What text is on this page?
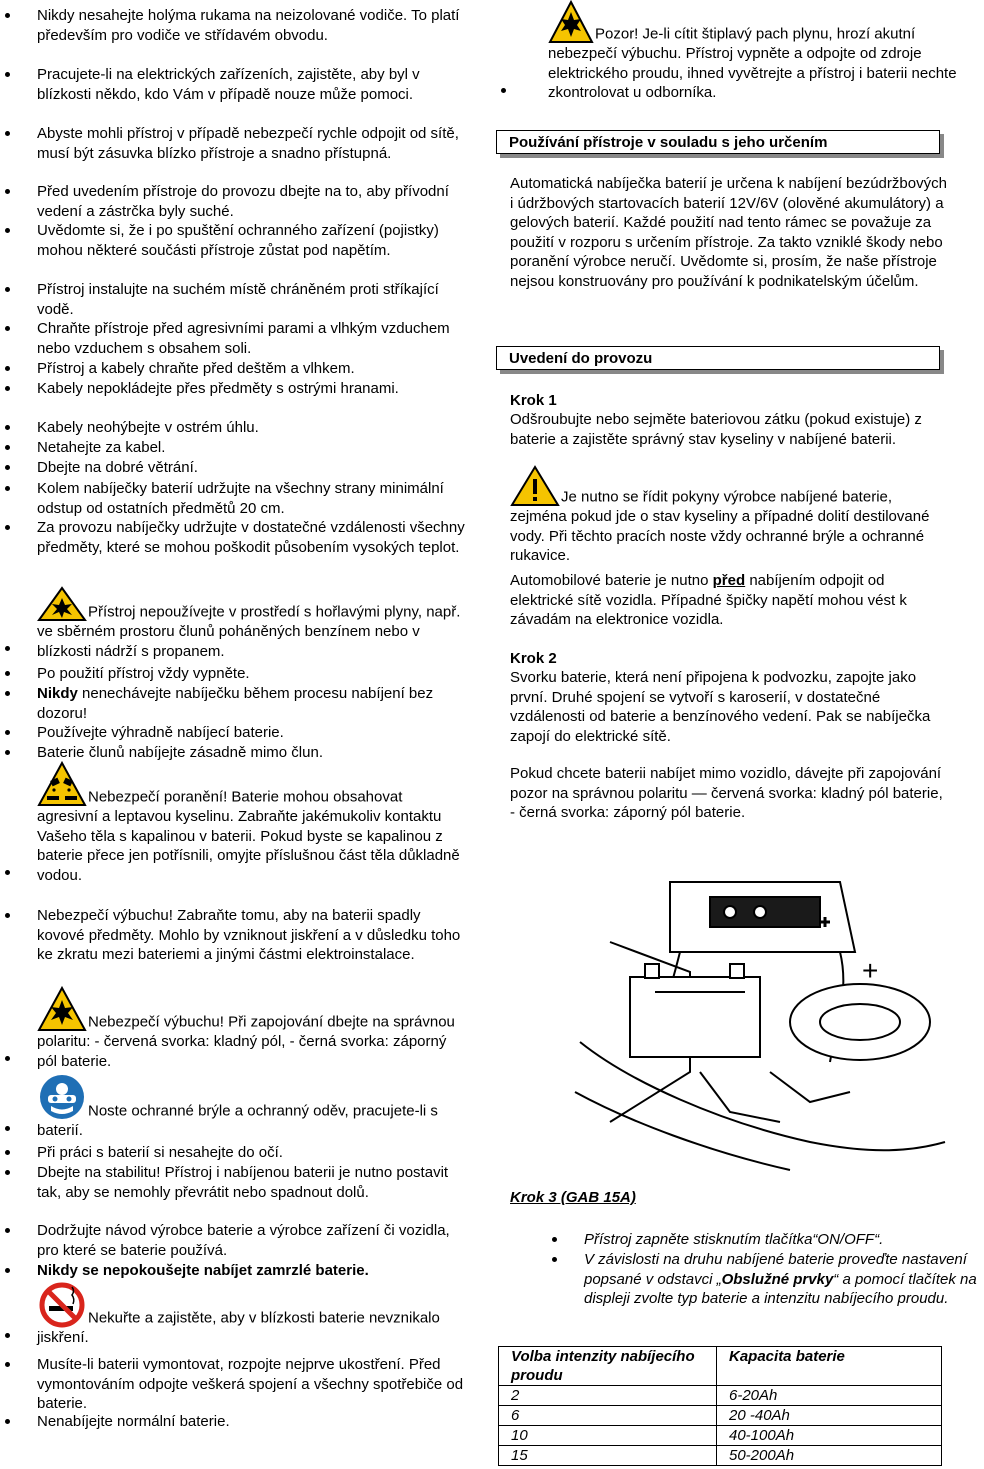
Nikdy nesahejte holýma rukama na neizolované vodiče. To platí především pro vodiče ve střídavém obvodu.
Pracujete-li na elektrických zařízeních, zajistěte, aby byl v blízkosti někdo, kdo Vám v případě nouze může pomoci.
Abyste mohli přístroj v případě nebezpečí rychle odpojit od sítě, musí být zásuvka blízko přístroje a snadno přístupná.
Před uvedením přístroje do provozu dbejte na to, aby přívodní vedení a zástrčka byly suché.
Uvědomte si, že i po spuštění ochranného zařízení (pojistky) mohou některé součásti přístroje zůstat pod napětím.
Přístroj instalujte na suchém místě chráněném proti stříkající vodě.
Chraňte přístroje před agresivními parami a vlhkým vzduchem nebo vzduchem s obsahem soli.
Přístroj a kabely chraňte před deštěm a vlhkem.
Kabely nepokládejte přes předměty s ostrými hranami.
Kabely neohýbejte v ostrém úhlu.
Netahejte za kabel.
Dbejte na dobré větrání.
Kolem nabíječky baterií udržujte na všechny strany minimální odstup od ostatních předmětů 20 cm.
Za provozu nabíječky udržujte v dostatečné vzdálenosti všechny předměty, které se mohou poškodit působením vysokých teplot.
Přístroj nepoužívejte v prostředí s hořlavými plyny, např. ve sběrném prostoru člunů poháněných benzínem nebo v blízkosti nádrží s propanem.
Po použití přístroj vždy vypněte.
Nikdy nenechávejte nabíječku během procesu nabíjení bez dozoru!
Používejte výhradně nabíjecí baterie.
Baterie člunů nabíjejte zásadně mimo člun.
Nebezpečí poranění! Baterie mohou obsahovat agresivní a leptavou kyselinu. Zabraňte jakémukoliv kontaktu Vašeho těla s kapalinou v baterii. Pokud byste se kapalinou z baterie přece jen potřísnili, omyjte příslušnou část těla důkladně vodou.
Nebezpečí výbuchu! Zabraňte tomu, aby na baterii spadly kovové předměty. Mohlo by vzniknout jiskření a v důsledku toho ke zkratu mezi bateriemi a jinými částmi elektroinstalace.
Nebezpečí výbuchu! Při zapojování dbejte na správnou polaritu: - červená svorka: kladný pól, - černá svorka: záporný pól baterie.
Noste ochranné brýle a ochranný oděv, pracujete-li s baterií.
Při práci s baterií si nesahejte do očí.
Dbejte na stabilitu! Přístroj i nabíjenou baterii je nutno postavit tak, aby se nemohly převrátit nebo spadnout dolů.
Dodržujte návod výrobce baterie a výrobce zařízení či vozidla, pro které se baterie používá.
Nikdy se nepokoušejte nabíjet zamrzlé baterie.
Nekuřte a zajistěte, aby v blízkosti baterie nevznikalo jiskření.
Musíte-li baterii vymontovat, rozpojte nejprve ukostření. Před vymontováním odpojte veškerá spojení a všechny spotřebiče od baterie.
Nenabíjejte normální baterie.
Pozor! Je-li cítit štiplavý pach plynu, hrozí akutní nebezpečí výbuchu. Přístroj vypněte a odpojte od zdroje elektrického proudu, ihned vyvětrejte a přístroj i baterii nechte zkontrolovat u odborníka.
Používání přístroje v souladu s jeho určením
Automatická nabíječka baterií je určena k nabíjení bezúdržbových i údržbových startovacích baterií 12V/6V (olověné akumulátory) a gelových baterií. Každé použití nad tento rámec se považuje za použití v rozporu s určením přístroje. Za takto vzniklé škody nebo poranění výrobce neručí. Uvědomte si, prosím, že naše přístroje nejsou konstruovány pro používání k podnikatelským účelům.
Uvedení do provozu
Krok 1
Odšroubujte nebo sejměte bateriovou zátku (pokud existuje) z baterie a zajistěte správný stav kyseliny v nabíjené baterii.
Je nutno se řídit pokyny výrobce nabíjené baterie, zejména pokud jde o stav kyseliny a případné dolití destilované vody. Při těchto pracích noste vždy ochranné brýle a ochranné rukavice.
Automobilové baterie je nutno před nabíjením odpojit od elektrické sítě vozidla. Případné špičky napětí mohou vést k závadám na elektronice vozidla.
Krok 2
Svorku baterie, která není připojena k podvozku, zapojte jako první. Druhé spojení se vytvoří s karoserií, v dostatečné vzdálenosti od baterie a benzínového vedení. Pak se nabíječka zapojí do elektrické sítě.
Pokud chcete baterii nabíjet mimo vozidlo, dávejte při zapojování pozor na správnou polaritu — červená svorka: kladný pól baterie, - černá svorka: záporný pól baterie.
+
Krok 3 (GAB 15A)
Přístroj zapněte stisknutím tlačítka“ON/OFF“.
V závislosti na druhu nabíjené baterie proveďte nastavení popsané v odstavci „Obslužné prvky“ a pomocí tlačítek na displeji zvolte typ baterie a intenzitu nabíjecího proudu.
Volba intenzity nabíjecího proudu	Kapacita baterie
2	6-20Ah
6	20 -40Ah
10	40-100Ah
15	50-200Ah
